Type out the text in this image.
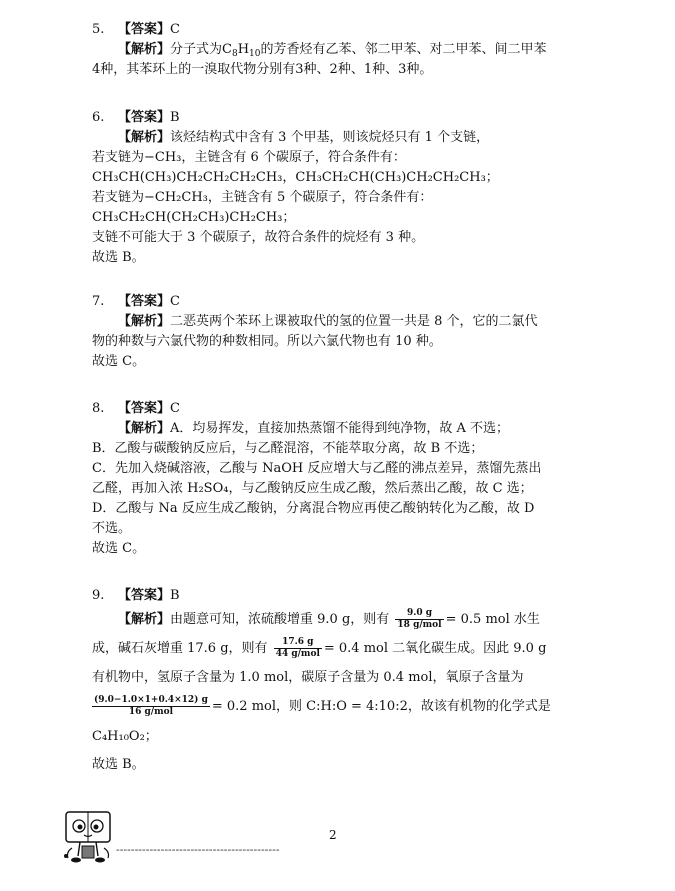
5. 【答案】C
【解析】分子式为$C_8H_{10}$的芳香烃有乙苯、邻二甲苯、对二甲苯、间二甲苯
4种，其苯环上的一溴取代物分别有3种、2种、1种、3种。
6. 【答案】B
【解析】该烃结构式中含有 3 个甲基，则该烷烃只有 1 个支链，
若支链为−CH₃，主链含有 6 个碳原子，符合条件有：
CH₃CH(CH₃)CH₂CH₂CH₂CH₃，CH₃CH₂CH(CH₃)CH₂CH₂CH₃；
若支链为−CH₂CH₃，主链含有 5 个碳原子，符合条件有：
CH₃CH₂CH(CH₂CH₃)CH₂CH₃；
支链不可能大于 3 个碳原子，故符合条件的烷烃有 3 种。
故选 B。
7. 【答案】C
【解析】二恶英两个苯环上课被取代的氢的位置一共是 8 个，它的二氯代
物的种数与六氯代物的种数相同。所以六氯代物也有 10 种。
故选 C。
8. 【答案】C
【解析】A．均易挥发，直接加热蒸馏不能得到纯净物，故 A 不选；
B．乙酸与碳酸钠反应后，与乙醛混溶，不能萃取分离，故 B 不选；
C．先加入烧碱溶液，乙酸与 NaOH 反应增大与乙醛的沸点差异，蒸馏先蒸出
乙醛，再加入浓 H₂SO₄，与乙酸钠反应生成乙酸，然后蒸出乙酸，故 C 选；
D．乙酸与 Na 反应生成乙酸钠，分离混合物应再使乙酸钠转化为乙酸，故 D
不选。
故选 C。
9. 【答案】B
【解析】由题意可知，浓硫酸增重 9.0 g，则有 $\frac{9.0 g}{\text{18 g/mol}} = 0.5$ mol 水生
成，碱石灰增重 17.6 g，则有 $\frac{17.6 g}{\text{44 g/mol}} = 0.4$ mol 二氧化碳生成。因此 9.0 g
有机物中，氢原子含量为 1.0 mol，碳原子含量为 0.4 mol，氧原子含量为
$\frac{(9.0-1.0\times 1+0.4\times 12) g}{\text{16 g/mol}} = 0.2$ mol，则 C:H:O = 4:10:2，故该有机物的化学式是
C₄H₁₀O₂；
故选 B。
2
--------------------------------------------
